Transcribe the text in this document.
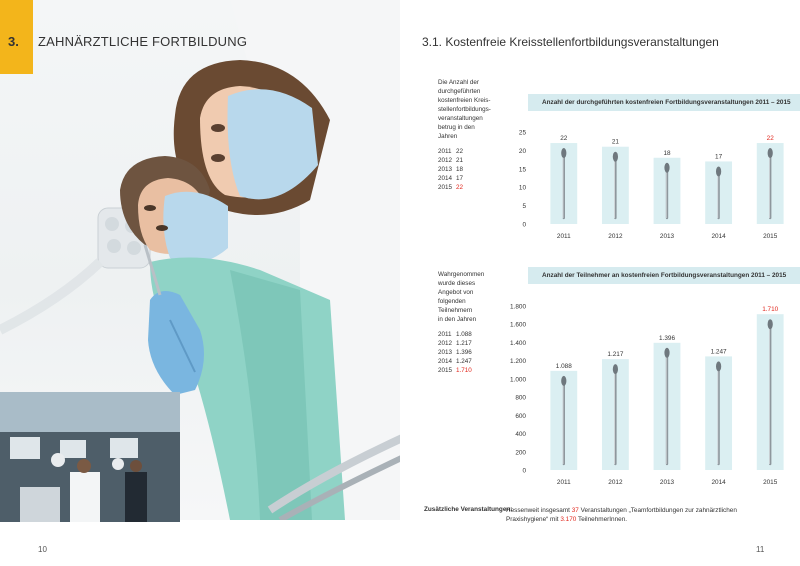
3. ZAHNÄRZTLICHE FORTBILDUNG
10
3.1. Kostenfreie Kreisstellenfortbildungsveranstaltungen
Die Anzahl der
durchgeführten
kostenfreien Kreis-
stellenfortbildungs-
veranstaltungen
betrug in den
Jahren
2011 22
2012 21
2013 18
2014 17
2015 22
Anzahl der durchgeführten kostenfreien Fortbildungsveranstaltungen 2011 – 2015
0
5
10
15
20
25
22
2011
21
2012
18
2013
17
2014
22
2015
Wahrgenommen
wurde dieses
Angebot von
folgenden
Teilnehmern
in den Jahren
2011 1.088
2012 1.217
2013 1.396
2014 1.247
2015 1.710
Anzahl der Teilnehmer an kostenfreien Fortbildungsveranstaltungen 2011 – 2015
0
200
400
600
800
1.000
1.200
1.400
1.600
1.800
1.088
2011
1.217
2012
1.396
2013
1.247
2014
1.710
2015
Zusätzliche Veranstaltungen:
Hessenweit insgesamt 37 Veranstaltungen „Teamfortbildungen zur zahnärztlichen Praxishygiene“ mit 3.170 TeilnehmerInnen.
11
